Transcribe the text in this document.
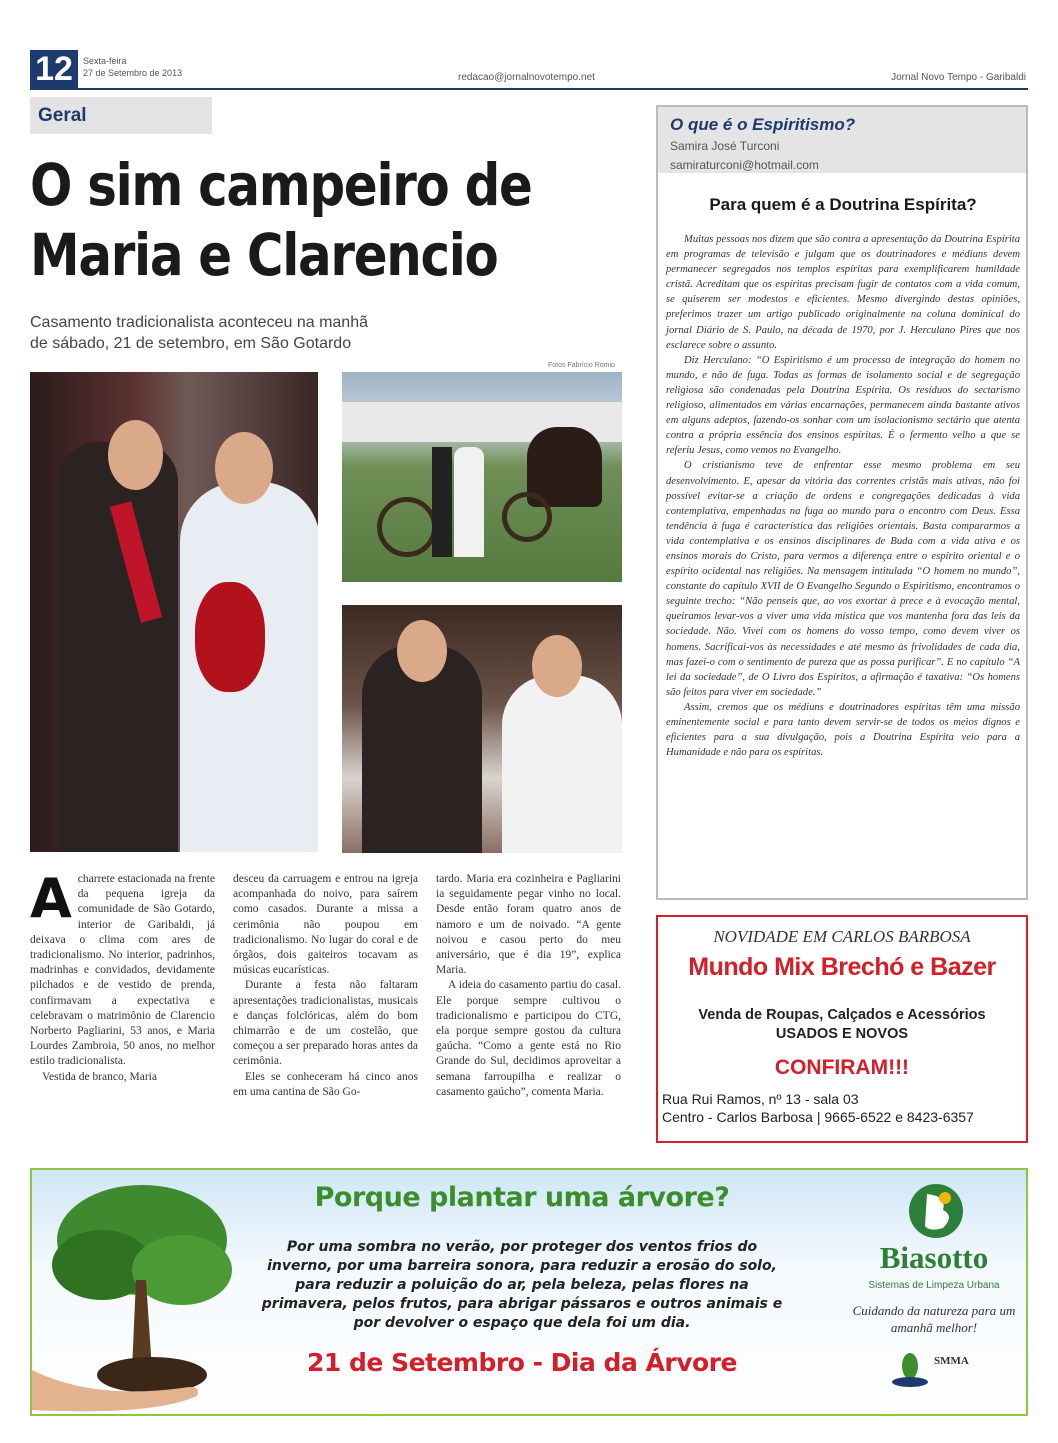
12	Sexta-feira
27 de Setembro de 2013	redacao@jornalnovotempo.net	Jornal Novo Tempo - Garibaldi
Geral
O sim campeiro de
Maria e Clarencio
Casamento tradicionalista aconteceu na manhã
de sábado, 21 de setembro, em São Gotardo
Fotos Fabrício Romio

A charrete estacionada na frente da pequena igreja da comunidade de São Gotardo, interior de Garibaldi, já deixava o clima com ares de tradicionalismo. No interior, padrinhos, madrinhas e convidados, devidamente pilchados e de vestido de prenda, confirmavam a expectativa e celebravam o matrimônio de Clarencio Norberto Pagliarini, 53 anos, e Maria Lourdes Zambroia, 50 anos, no melhor estilo tradicionalista.

Vestida de branco, Maria

desceu da carruagem e entrou na igreja acompanhada do noivo, para saírem como casados. Durante a missa a cerimônia não poupou em tradicionalismo. No lugar do coral e de órgãos, dois gaiteiros tocavam as músicas eucarísticas.

Durante a festa não faltaram apresentações tradicionalistas, musicais e danças folclóricas, além do bom chimarrão e de um costelão, que começou a ser preparado horas antes da cerimônia.

Eles se conheceram há cinco anos em uma cantina de São Go-

tardo. Maria era cozinheira e Pagliarini ia seguidamente pegar vinho no local. Desde então foram quatro anos de namoro e um de noivado. “A gente noivou e casou perto do meu aniversário, que é dia 19”, explica Maria.

A ideia do casamento partiu do casal. Ele porque sempre cultivou o tradicionalismo e participou do CTG, ela porque sempre gostou da cultura gaúcha. “Como a gente está no Rio Grande do Sul, decidimos aproveitar a semana farroupilha e realizar o casamento gaúcho”, comenta Maria.

O que é o Espiritismo?
Samira José Turconi
samiraturconi@hotmail.com
Para quem é a Doutrina Espírita?

Muitas pessoas nos dizem que são contra a apresentação da Doutrina Espírita em programas de televisão e julgam que os doutrinadores e médiuns devem permanecer segregados nos templos espíritas para exemplificarem humildade cristã. Acreditam que os espíritas precisam fugir de contatos com a vida comum, se quiserem ser modestos e eficientes. Mesmo divergindo destas opiniões, preferimos trazer um artigo publicado originalmente na coluna dominical do jornal Diário de S. Paulo, na década de 1970, por J. Herculano Pires que nos esclarece sobre o assunto.

Diz Herculano: “O Espiritismo é um processo de integração do homem no mundo, e não de fuga. Todas as formas de isolamento social e de segregação religiosa são condenadas pela Doutrina Espírita. Os resíduos do sectarismo religioso, alimentados em várias encarnações, permanecem ainda bastante ativos em alguns adeptos, fazendo-os sonhar com um isolacionismo sectário que atenta contra a própria essência dos ensinos espíritas. É o fermento velho a que se referiu Jesus, como vemos no Evangelho.

O cristianismo teve de enfrentar esse mesmo problema em seu desenvolvimento. E, apesar da vitória das correntes cristãs mais ativas, não foi possível evitar-se a criação de ordens e congregações dedicadas à vida contemplativa, empenhadas na fuga ao mundo para o encontro com Deus. Essa tendência à fuga é característica das religiões orientais. Basta compararmos a vida contemplativa e os ensinos disciplinares de Buda com a vida ativa e os ensinos morais do Cristo, para vermos a diferença entre o espírito oriental e o espírito ocidental nas religiões. Na mensagem intitulada “O homem no mundo”, constante do capítulo XVII de O Evangelho Segundo o Espiritismo, encontramos o seguinte trecho: “Não penseis que, ao vos exortar à prece e à evocação mental, queiramos levar-vos a viver uma vida mística que vos mantenha fora das leis da sociedade. Não. Vivei com os homens do vosso tempo, como devem viver os homens. Sacrificai-vos às necessidades e até mesmo às frivolidades de cada dia, mas fazei-o com o sentimento de pureza que as possa purificar”. E no capítulo “A lei da sociedade”, de O Livro dos Espíritos, a afirmação é taxativa: “Os homens são feitos para viver em sociedade.”

Assim, cremos que os médiuns e doutrinadores espíritas têm uma missão eminentemente social e para tanto devem servir-se de todos os meios dignos e eficientes para a sua divulgação, pois a Doutrina Espírita veio para a Humanidade e não para os espíritas.

NOVIDADE EM CARLOS BARBOSA
Mundo Mix Brechó e Bazer
Venda de Roupas, Calçados e Acessórios
USADOS E NOVOS
CONFIRAM!!!
Rua Rui Ramos, nº 13 - sala 03
Centro - Carlos Barbosa | 9665-6522 e 8423-6357
Porque plantar uma árvore?
Por uma sombra no verão, por proteger dos ventos frios do inverno, por uma barreira sonora, para reduzir a erosão do solo, para reduzir a poluição do ar, pela beleza, pelas flores na primavera, pelos frutos, para abrigar pássaros e outros animais e por devolver o espaço que dela foi um dia.
21 de Setembro - Dia da Árvore
Biasotto
Sistemas de Limpeza Urbana
Cuidando da natureza para um amanhã melhor!
SMMA
